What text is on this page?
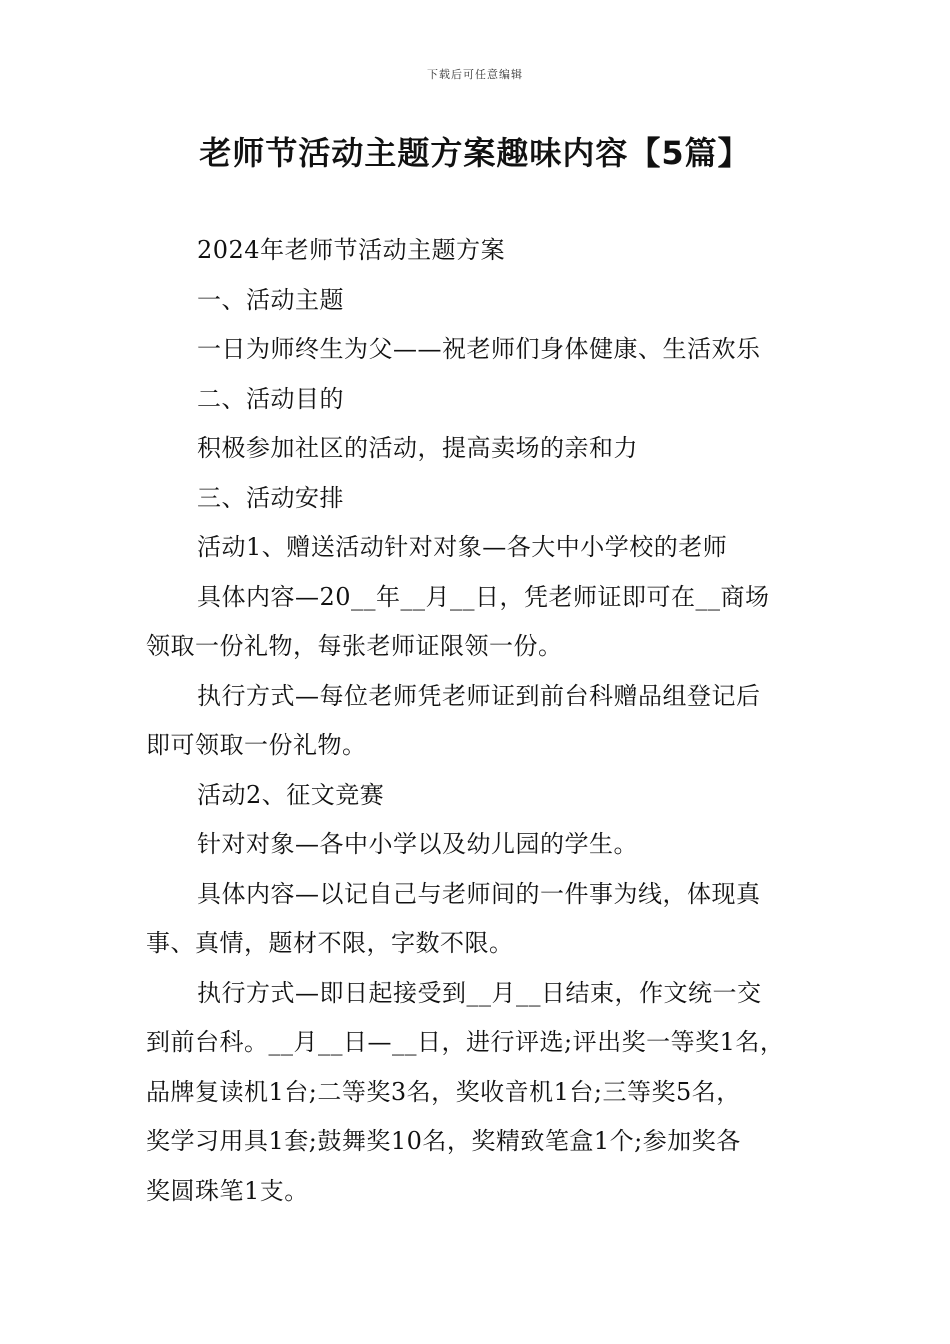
下载后可任意编辑
老师节活动主题方案趣味内容【5篇】

2024年老师节活动主题方案

一、活动主题

一日为师终生为父——祝老师们身体健康、生活欢乐

二、活动目的

积极参加社区的活动，提高卖场的亲和力

三、活动安排

活动1、赠送活动针对对象—各大中小学校的老师

具体内容—20__年__月__日，凭老师证即可在__商场

领取一份礼物，每张老师证限领一份。

执行方式—每位老师凭老师证到前台科赠品组登记后

即可领取一份礼物。

活动2、征文竞赛

针对对象—各中小学以及幼儿园的学生。

具体内容—以记自己与老师间的一件事为线，体现真

事、真情，题材不限，字数不限。

执行方式—即日起接受到__月__日结束，作文统一交

到前台科。__月__日—__日，进行评选;评出奖一等奖1名，

品牌复读机1台;二等奖3名，奖收音机1台;三等奖5名，

奖学习用具1套;鼓舞奖10名，奖精致笔盒1个;参加奖各

奖圆珠笔1支。
